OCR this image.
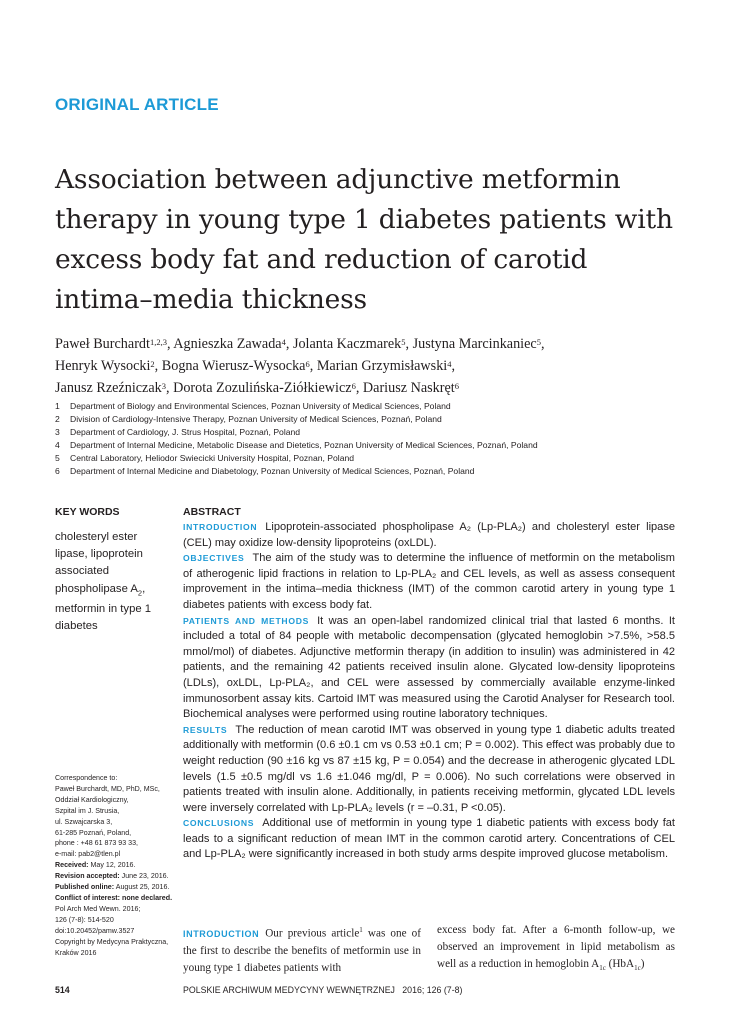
ORIGINAL ARTICLE
Association between adjunctive metformin therapy in young type 1 diabetes patients with excess body fat and reduction of carotid intima–media thickness
Paweł Burchardt$^{1,2,3}$, Agnieszka Zawada$^4$, Jolanta Kaczmarek$^5$, Justyna Marcinkaniec$^5$,
Henryk Wysocki$^2$, Bogna Wierusz-Wysocka$^6$, Marian Grzymisławski$^4$,
Janusz Rzeźniczak$^3$, Dorota Zozulińska-Ziółkiewicz$^6$, Dariusz Naskręt$^6$
1	Department of Biology and Environmental Sciences, Poznan University of Medical Sciences, Poland
2	Division of Cardiology-Intensive Therapy, Poznan University of Medical Sciences, Poznań, Poland
3	Department of Cardiology, J. Strus Hospital, Poznań, Poland
4	Department of Internal Medicine, Metabolic Disease and Dietetics, Poznan University of Medical Sciences, Poznań, Poland
5	Central Laboratory, Heliodor Swiecicki University Hospital, Poznan, Poland
6	Department of Internal Medicine and Diabetology, Poznan University of Medical Sciences, Poznań, Poland
KEY WORDS
cholesteryl ester lipase, lipoprotein associated phospholipase $A_2$, metformin in type 1 diabetes
Correspondence to:
Paweł Burchardt, MD, PhD, MSc,
Oddział Kardiologiczny,
Szpital im J. Strusia,
ul. Szwajcarska 3,
61-285 Poznań, Poland,
phone : +48 61 873 93 33,
e-mail: pab2@tlen.pl
Received: May 12, 2016.
Revision accepted: June 23, 2016.
Published online: August 25, 2016.
Conflict of interest: none declared.
Pol Arch Med Wewn. 2016;
126 (7-8): 514-520
doi:10.20452/pamw.3527
Copyright by Medycyna Praktyczna,
Kraków 2016
ABSTRACT

INTRODUCTION Lipoprotein-associated phospholipase A₂ (Lp-PLA₂) and cholesteryl ester lipase (CEL) may oxidize low-density lipoproteins (oxLDL).

OBJECTIVES The aim of the study was to determine the influence of metformin on the metabolism of atherogenic lipid fractions in relation to Lp-PLA₂ and CEL levels, as well as assess consequent improvement in the intima–media thickness (IMT) of the common carotid artery in young type 1 diabetes patients with excess body fat.

PATIENTS AND METHODS It was an open-label randomized clinical trial that lasted 6 months. It included a total of 84 people with metabolic decompensation (glycated hemoglobin >7.5%, >58.5 mmol/mol) of diabetes. Adjunctive metformin therapy (in addition to insulin) was administered in 42 patients, and the remaining 42 patients received insulin alone. Glycated low-density lipoproteins (LDLs), oxLDL, Lp-PLA₂, and CEL were assessed by commercially available enzyme-linked immunosorbent assay kits. Cartoid IMT was measured using the Carotid Analyser for Research tool. Biochemical analyses were performed using routine laboratory techniques.

RESULTS The reduction of mean carotid IMT was observed in young type 1 diabetic adults treated additionally with metformin (0.6 ±0.1 cm vs 0.53 ±0.1 cm; P = 0.002). This effect was probably due to weight reduction (90 ±16 kg vs 87 ±15 kg, P = 0.054) and the decrease in atherogenic glycated LDL levels (1.5 ±0.5 mg/dl vs 1.6 ±1.046 mg/dl, P = 0.006). No such correlations were observed in patients treated with insulin alone. Additionally, in patients receiving metformin, glycated LDL levels were inversely correlated with Lp-PLA₂ levels (r = –0.31, P <0.05).

CONCLUSIONS Additional use of metformin in young type 1 diabetic patients with excess body fat leads to a significant reduction of mean IMT in the common carotid artery. Concentrations of CEL and Lp-PLA₂ were significantly increased in both study arms despite improved glucose metabolism.

INTRODUCTION Our previous article$^1$ was one of the first to describe the benefits of metformin use in young type 1 diabetes patients with
excess body fat. After a 6-month follow-up, we observed an improvement in lipid metabolism as well as a reduction in hemoglobin $A_{1c}$ (HbA$_{1c}$)
514	POLSKIE ARCHIWUM MEDYCYNY WEWNĘTRZNEJ   2016; 126 (7-8)
